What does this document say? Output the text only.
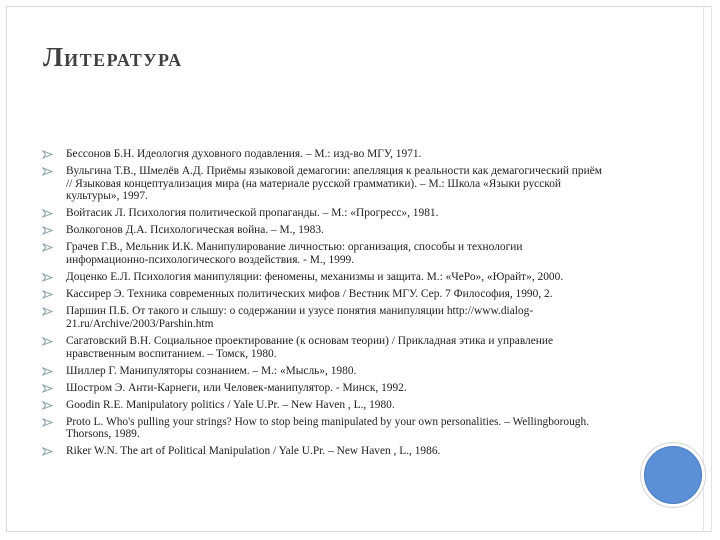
ЛИТЕРАТУРА
Бессонов Б.Н. Идеология духовного подавления. – М.: изд-во МГУ, 1971.
Вульгина Т.В., Шмелёв А.Д. Приёмы языковой демагогии: апелляция к реальности как демагогический приём // Языковая концептуализация мира (на материале русской грамматики). – М.: Школа «Языки русской культуры», 1997.
Войтасик Л. Психология политической пропаганды. – М.: «Прогресс», 1981.
Волкогонов Д.А. Психологическая война. – М., 1983.
Грачев Г.В., Мельник И.К. Манипулирование личностью: организация, способы и технологии информационно-психологического воздействия. - М., 1999.
Доценко Е.Л. Психология манипуляции: феномены, механизмы и защита. М.: «ЧеРо», «Юрайт», 2000.
Кассирер Э. Техника современных политических мифов / Вестник МГУ. Сер. 7 Философия, 1990, 2.
Паршин П.Б. От такого и слышу: о содержании и узусе понятия манипуляции http://www.dialog-21.ru/Archive/2003/Parshin.htm
Сагатовский В.Н. Социальное проектирование (к основам теории) / Прикладная этика и управление нравственным воспитанием. – Томск, 1980.
Шиллер Г. Манипуляторы сознанием. – М.: «Мысль», 1980.
Шостром Э. Анти-Карнеги, или Человек-манипулятор. - Минск, 1992.
Goodin R.E. Manipulatory politics / Yale U.Pr. – New Haven , L., 1980.
Proto L. Who's pulling your strings? How to stop being manipulated by your own personalities. – Wellingborough. Thorsons, 1989.
Riker W.N. The art of Political Manipulation / Yale U.Pr. – New Haven , L., 1986.
